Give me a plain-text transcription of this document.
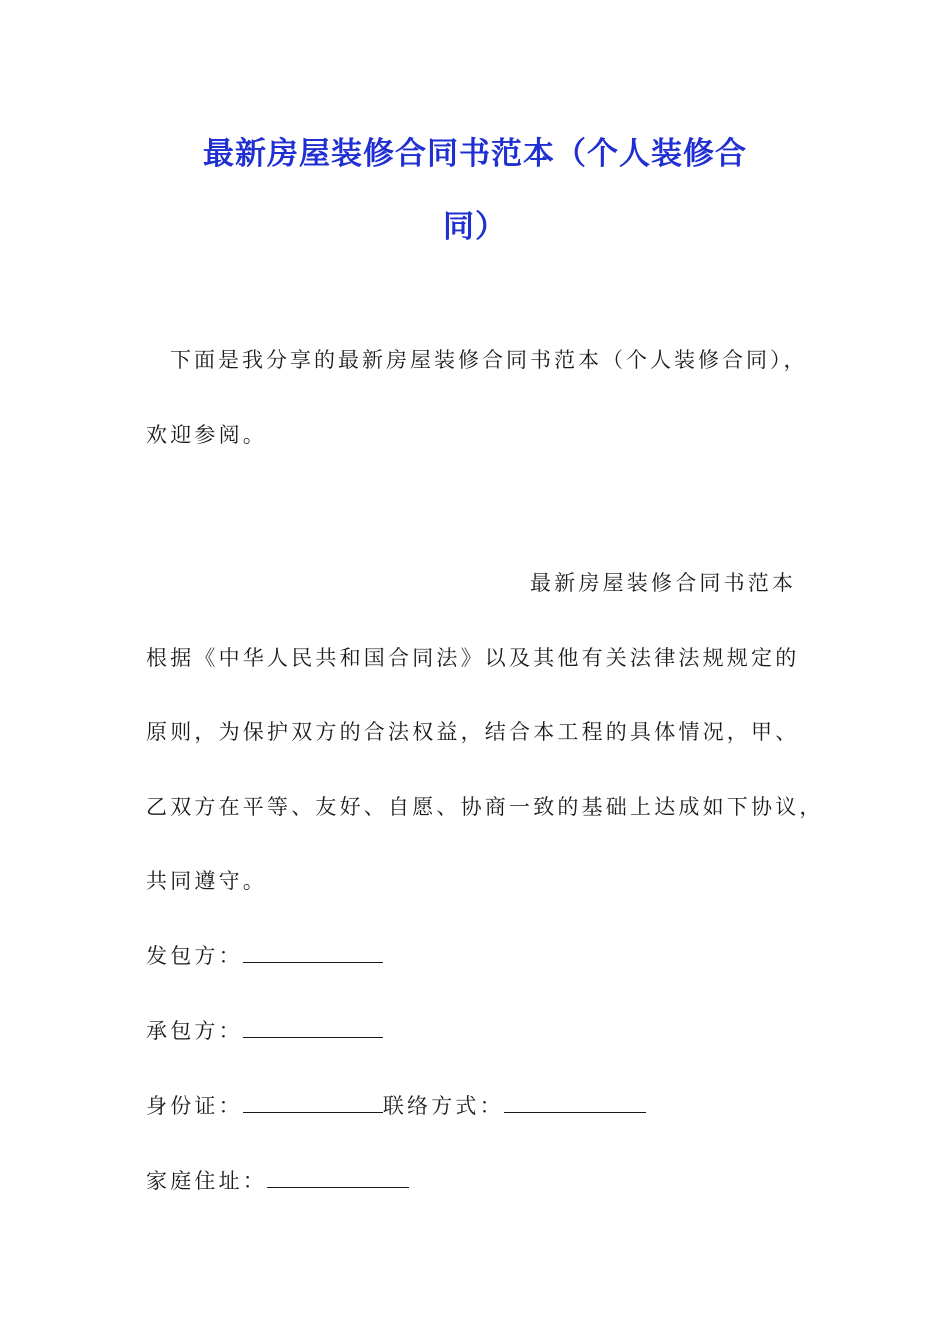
最新房屋装修合同书范本（个人装修合
同）
下面是我分享的最新房屋装修合同书范本（个人装修合同），
欢迎参阅。
最新房屋装修合同书范本
根据《中华人民共和国合同法》以及其他有关法律法规规定的
原则，为保护双方的合法权益，结合本工程的具体情况，甲、
乙双方在平等、友好、自愿、协商一致的基础上达成如下协议，
共同遵守。
发包方：
承包方：
身份证：	联络方式：
家庭住址：
